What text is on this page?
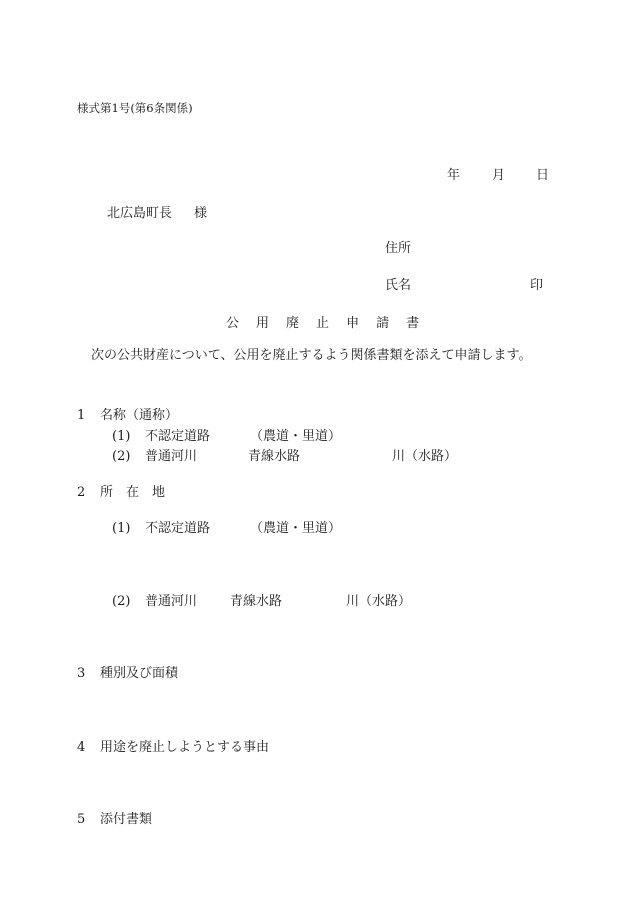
様式第1号(第6条関係)
年 月 日
北広島町長 様
住所
氏名	印
公 用 廃 止 申 請 書
次の公共財産について、公用を廃止するよう関係書類を添えて申請します。
1 名称（通称）
(1) 不認定道路	（農道・里道）
(2) 普通河川	青線水路	川（水路）
2 所　在　地
(1) 不認定道路	（農道・里道）
(2) 普通河川	青線水路	川（水路）
3 種別及び面積
4 用途を廃止しようとする事由
5 添付書類
